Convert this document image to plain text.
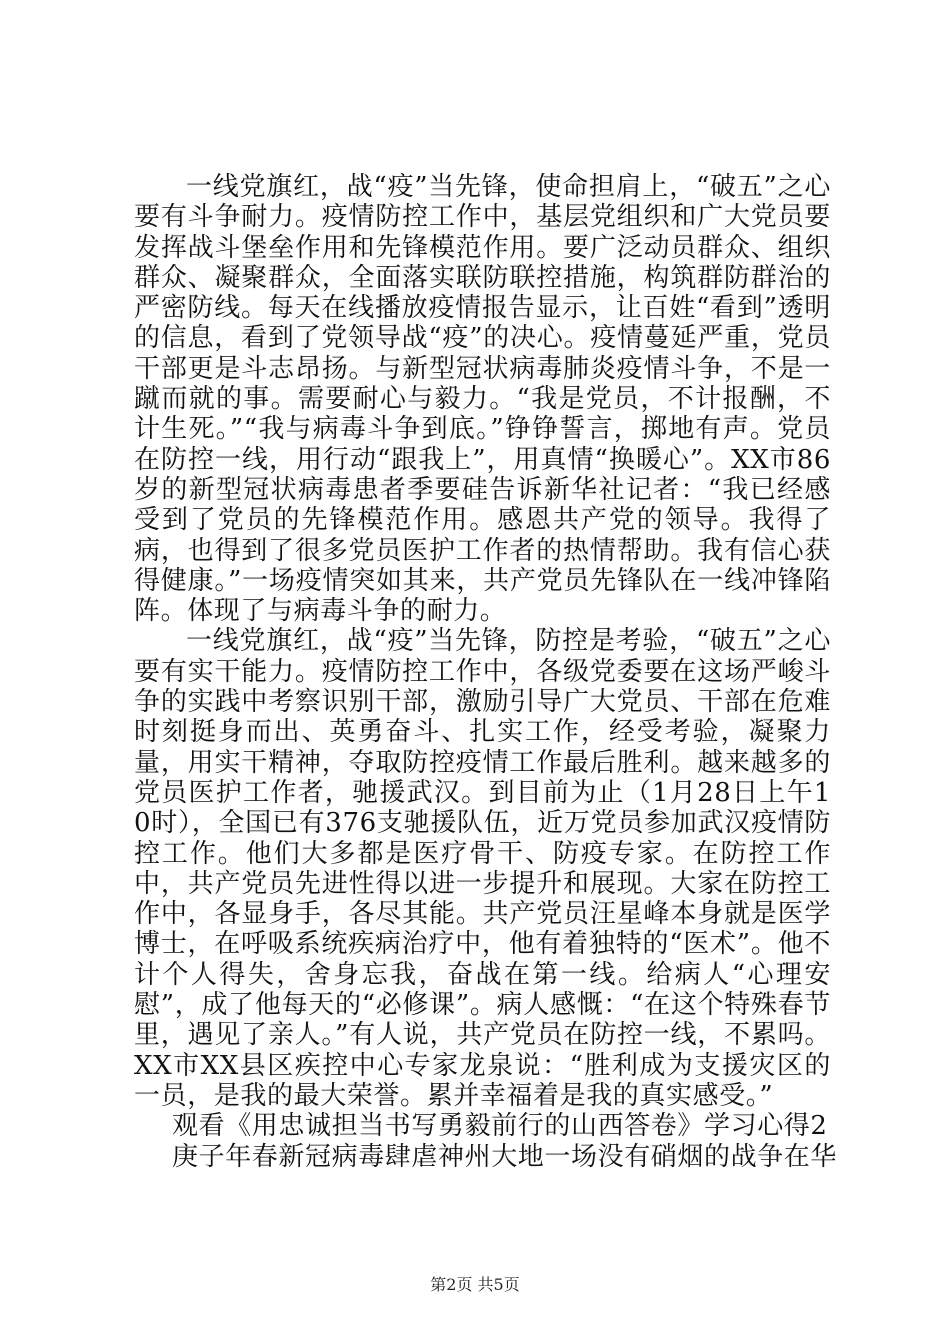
一线党旗红，战“疫”当先锋，使命担肩上，“破五”之心要有斗争耐力。疫情防控工作中，基层党组织和广大党员要发挥战斗堡垒作用和先锋模范作用。要广泛动员群众、组织群众、凝聚群众，全面落实联防联控措施，构筑群防群治的严密防线。每天在线播放疫情报告显示，让百姓“看到”透明的信息，看到了党领导战“疫”的决心。疫情蔓延严重，党员干部更是斗志昂扬。与新型冠状病毒肺炎疫情斗争，不是一蹴而就的事。需要耐心与毅力。“我是党员，不计报酬，不计生死。”“我与病毒斗争到底。”铮铮誓言，掷地有声。党员在防控一线，用行动“跟我上”，用真情“换暖心”。XX市86岁的新型冠状病毒患者季要硅告诉新华社记者：“我已经感受到了党员的先锋模范作用。感恩共产党的领导。我得了病，也得到了很多党员医护工作者的热情帮助。我有信心获得健康。”一场疫情突如其来，共产党员先锋队在一线冲锋陷阵。体现了与病毒斗争的耐力。

一线党旗红，战“疫”当先锋，防控是考验，“破五”之心要有实干能力。疫情防控工作中，各级党委要在这场严峻斗争的实践中考察识别干部，激励引导广大党员、干部在危难时刻挺身而出、英勇奋斗、扎实工作，经受考验，凝聚力量，用实干精神，夺取防控疫情工作最后胜利。越来越多的党员医护工作者，驰援武汉。到目前为止（1月28日上午10时），全国已有376支驰援队伍，近万党员参加武汉疫情防控工作。他们大多都是医疗骨干、防疫专家。在防控工作中，共产党员先进性得以进一步提升和展现。大家在防控工作中，各显身手，各尽其能。共产党员汪星峰本身就是医学博士，在呼吸系统疾病治疗中，他有着独特的“医术”。他不计个人得失，舍身忘我，奋战在第一线。给病人“心理安慰”，成了他每天的“必修课”。病人感慨：“在这个特殊春节里，遇见了亲人。”有人说，共产党员在防控一线，不累吗。XX市XX县区疾控中心专家龙泉说：“胜利成为支援灾区的一员，是我的最大荣誉。累并幸福着是我的真实感受。”

观看《用忠诚担当书写勇毅前行的山西答卷》学习心得2

庚子年春新冠病毒肆虐神州大地一场没有硝烟的战争在华

第2页 共5页
